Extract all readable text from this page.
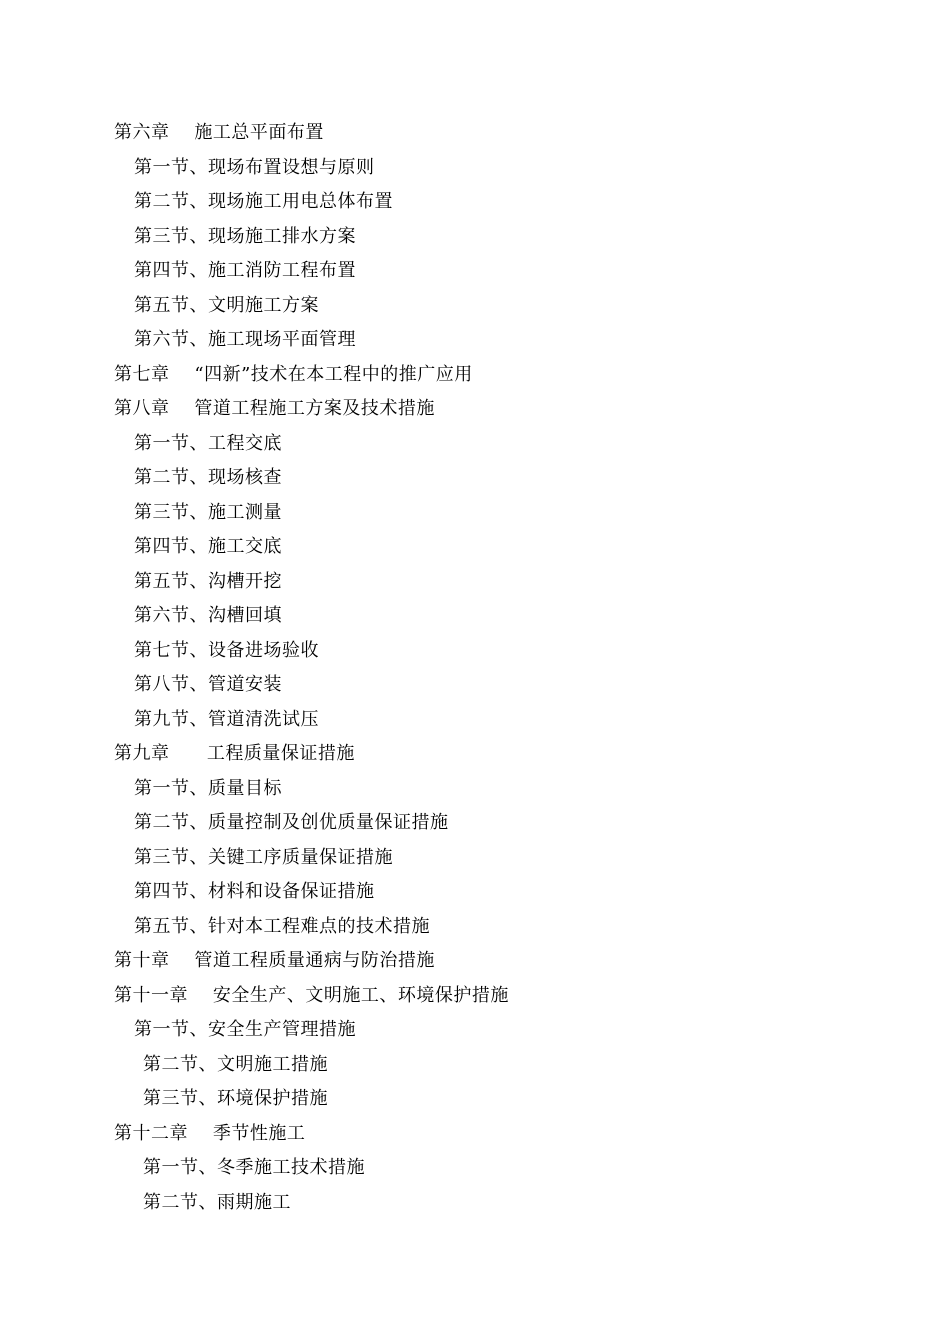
第六章    施工总平面布置
第一节、现场布置设想与原则
第二节、现场施工用电总体布置
第三节、现场施工排水方案
第四节、施工消防工程布置
第五节、文明施工方案
第六节、施工现场平面管理
第七章    “四新”技术在本工程中的推广应用
第八章    管道工程施工方案及技术措施
第一节、工程交底
第二节、现场核查
第三节、施工测量
第四节、施工交底
第五节、沟槽开挖
第六节、沟槽回填
第七节、设备进场验收
第八节、管道安装
第九节、管道清洗试压
第九章      工程质量保证措施
第一节、质量目标
第二节、质量控制及创优质量保证措施
第三节、关键工序质量保证措施
第四节、材料和设备保证措施
第五节、针对本工程难点的技术措施
第十章    管道工程质量通病与防治措施
第十一章    安全生产、文明施工、环境保护措施
第一节、安全生产管理措施
第二节、文明施工措施
第三节、环境保护措施
第十二章    季节性施工
第一节、冬季施工技术措施
第二节、雨期施工
